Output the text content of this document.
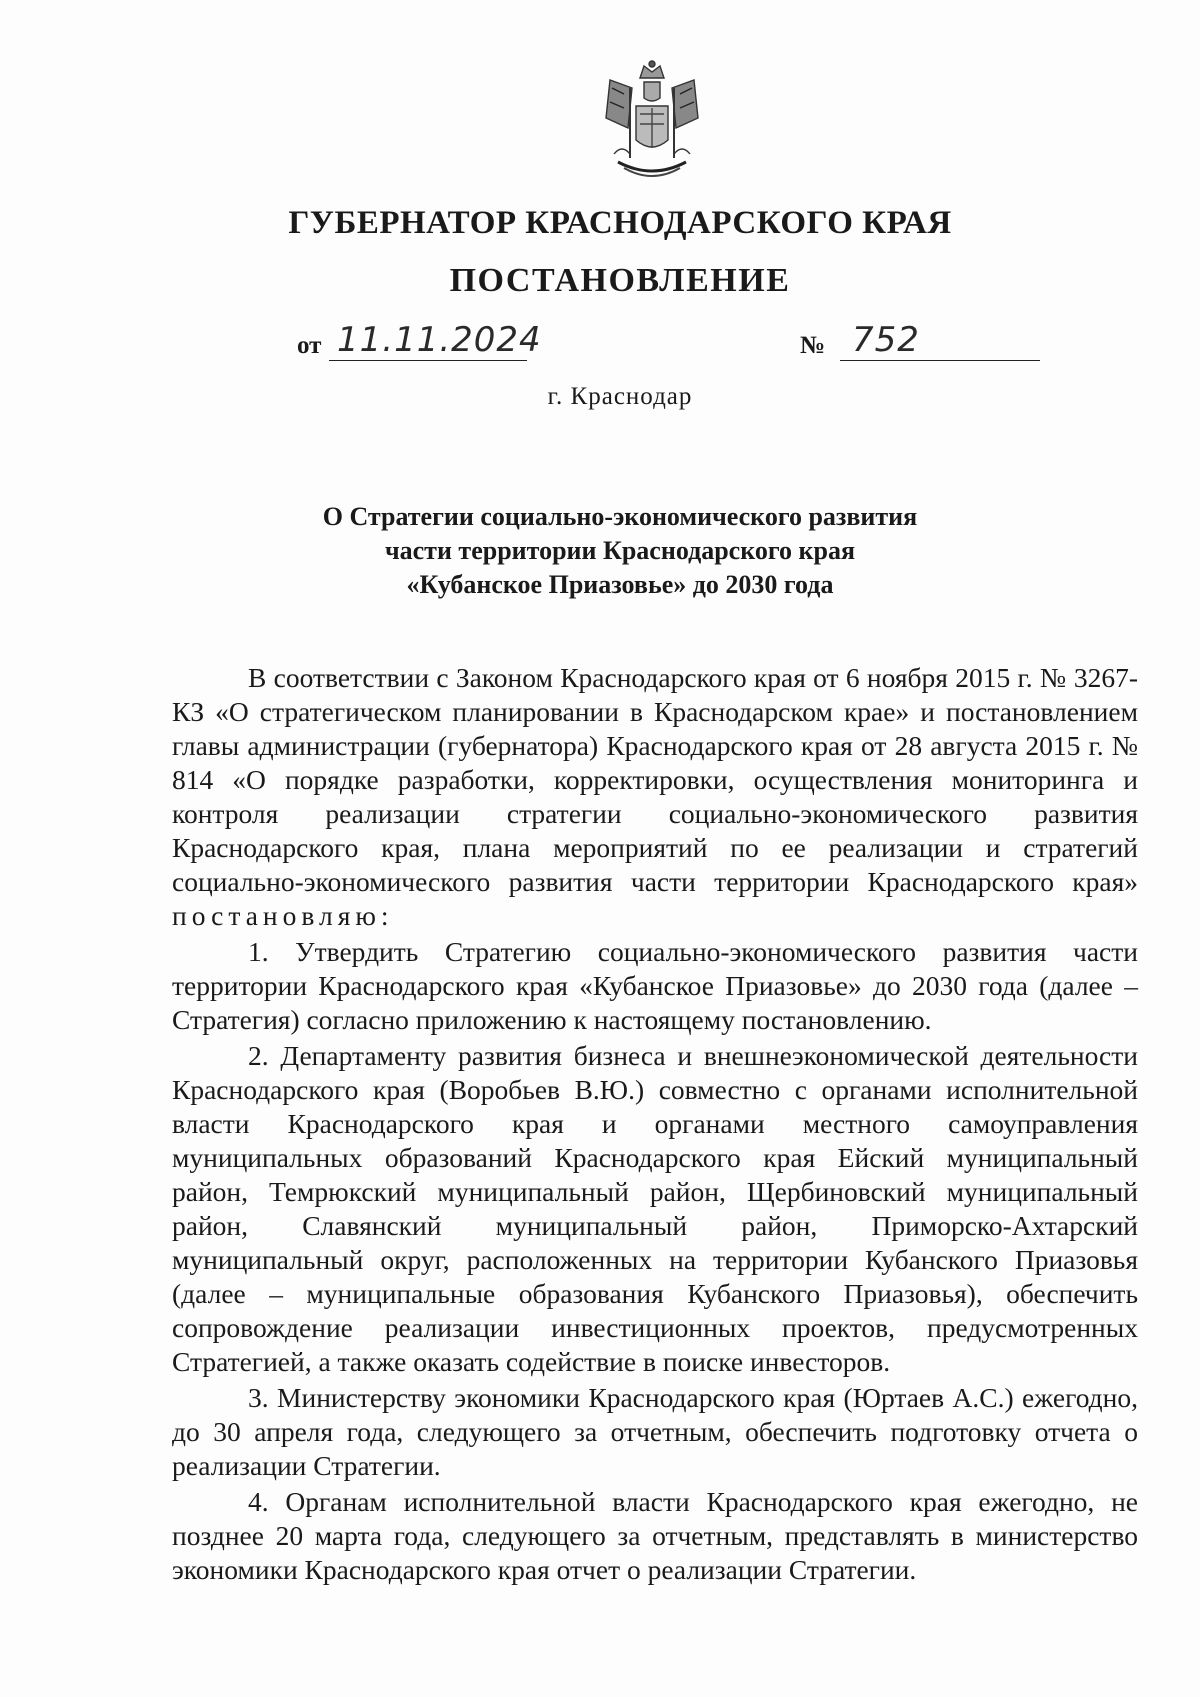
ГУБЕРНАТОР КРАСНОДАРСКОГО КРАЯ
ПОСТАНОВЛЕНИЕ
от 11.11.2024	№ 752
г. Краснодар
О Стратегии социально-экономического развития
части территории Краснодарского края
«Кубанское Приазовье» до 2030 года

В соответствии с Законом Краснодарского края от 6 ноября 2015 г. № 3267-КЗ «О стратегическом планировании в Краснодарском крае» и постановлением главы администрации (губернатора) Краснодарского края от 28 августа 2015 г. № 814 «О порядке разработки, корректировки, осуществления мониторинга и контроля реализации стратегии социально-экономического развития Краснодарского края, плана мероприятий по ее реализации и стратегий социально-экономического развития части территории Краснодарского края» постановляю:

1. Утвердить Стратегию социально-экономического развития части территории Краснодарского края «Кубанское Приазовье» до 2030 года (далее – Стратегия) согласно приложению к настоящему постановлению.

2. Департаменту развития бизнеса и внешнеэкономической деятельности Краснодарского края (Воробьев В.Ю.) совместно с органами исполнительной власти Краснодарского края и органами местного самоуправления муниципальных образований Краснодарского края Ейский муниципальный район, Темрюкский муниципальный район, Щербиновский муниципальный район, Славянский муниципальный район, Приморско-Ахтарский муниципальный округ, расположенных на территории Кубанского Приазовья (далее – муниципальные образования Кубанского Приазовья), обеспечить сопровождение реализации инвестиционных проектов, предусмотренных Стратегией, а также оказать содействие в поиске инвесторов.

3. Министерству экономики Краснодарского края (Юртаев А.С.) ежегодно, до 30 апреля года, следующего за отчетным, обеспечить подготовку отчета о реализации Стратегии.

4. Органам исполнительной власти Краснодарского края ежегодно, не позднее 20 марта года, следующего за отчетным, представлять в министерство экономики Краснодарского края отчет о реализации Стратегии.
